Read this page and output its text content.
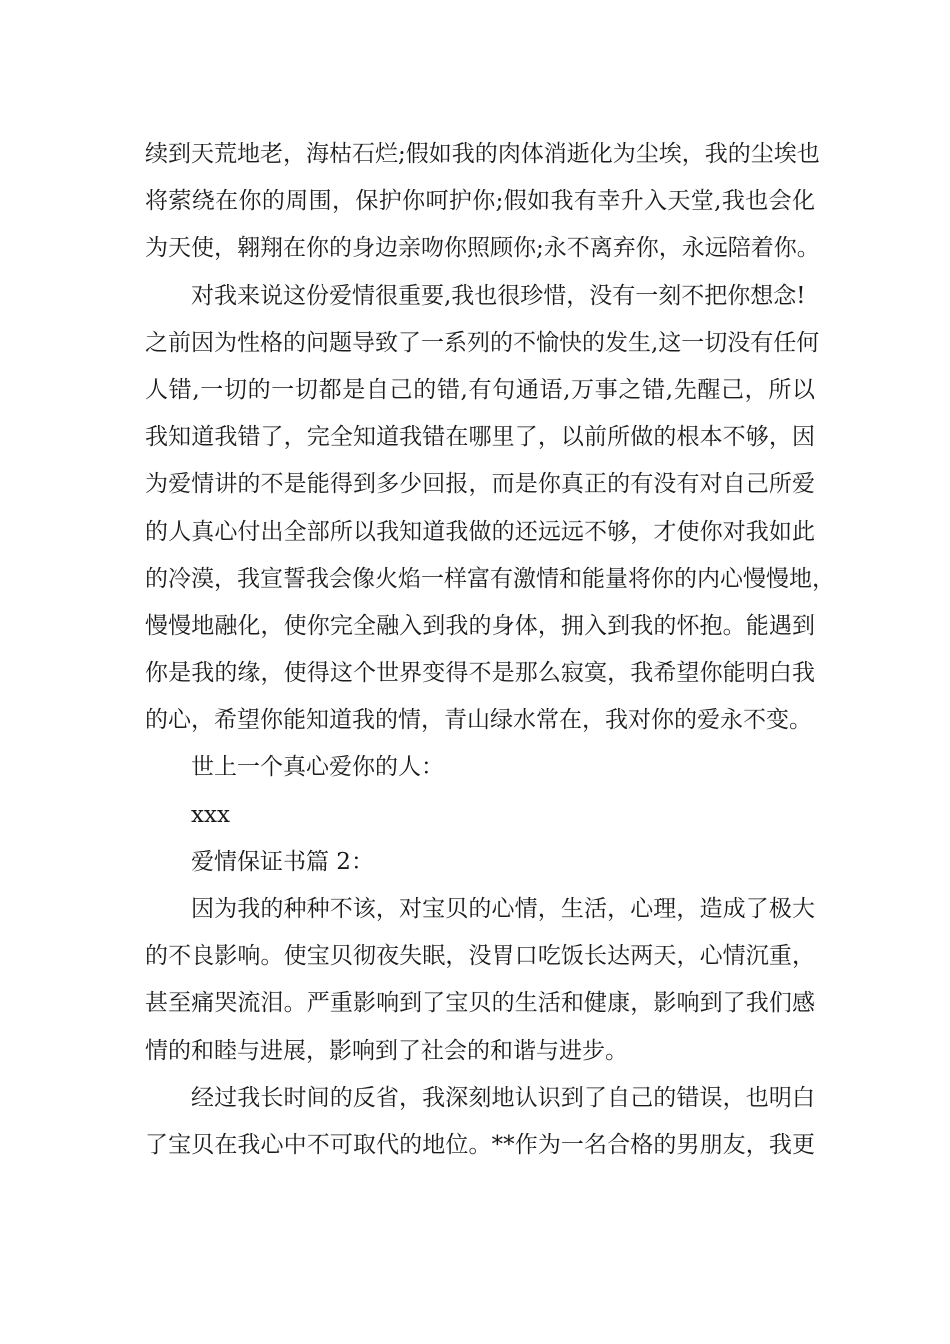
续到天荒地老，海枯石烂;假如我的肉体消逝化为尘埃，我的尘埃也
将萦绕在你的周围，保护你呵护你;假如我有幸升入天堂,我也会化
为天使，翱翔在你的身边亲吻你照顾你;永不离弃你，永远陪着你。
对我来说这份爱情很重要,我也很珍惜，没有一刻不把你想念!
之前因为性格的问题导致了一系列的不愉快的发生,这一切没有任何
人错,一切的一切都是自己的错,有句通语,万事之错,先醒己，所以
我知道我错了，完全知道我错在哪里了，以前所做的根本不够，因
为爱情讲的不是能得到多少回报，而是你真正的有没有对自己所爱
的人真心付出全部所以我知道我做的还远远不够，才使你对我如此
的冷漠，我宣誓我会像火焰一样富有激情和能量将你的内心慢慢地，
慢慢地融化，使你完全融入到我的身体，拥入到我的怀抱。能遇到
你是我的缘，使得这个世界变得不是那么寂寞，我希望你能明白我
的心，希望你能知道我的情，青山绿水常在，我对你的爱永不变。
世上一个真心爱你的人：
xxx
爱情保证书篇 2：
因为我的种种不该，对宝贝的心情，生活，心理，造成了极大
的不良影响。使宝贝彻夜失眠，没胃口吃饭长达两天，心情沉重，
甚至痛哭流泪。严重影响到了宝贝的生活和健康，影响到了我们感
情的和睦与进展，影响到了社会的和谐与进步。
经过我长时间的反省，我深刻地认识到了自己的错误，也明白
了宝贝在我心中不可取代的地位。**作为一名合格的男朋友，我更
